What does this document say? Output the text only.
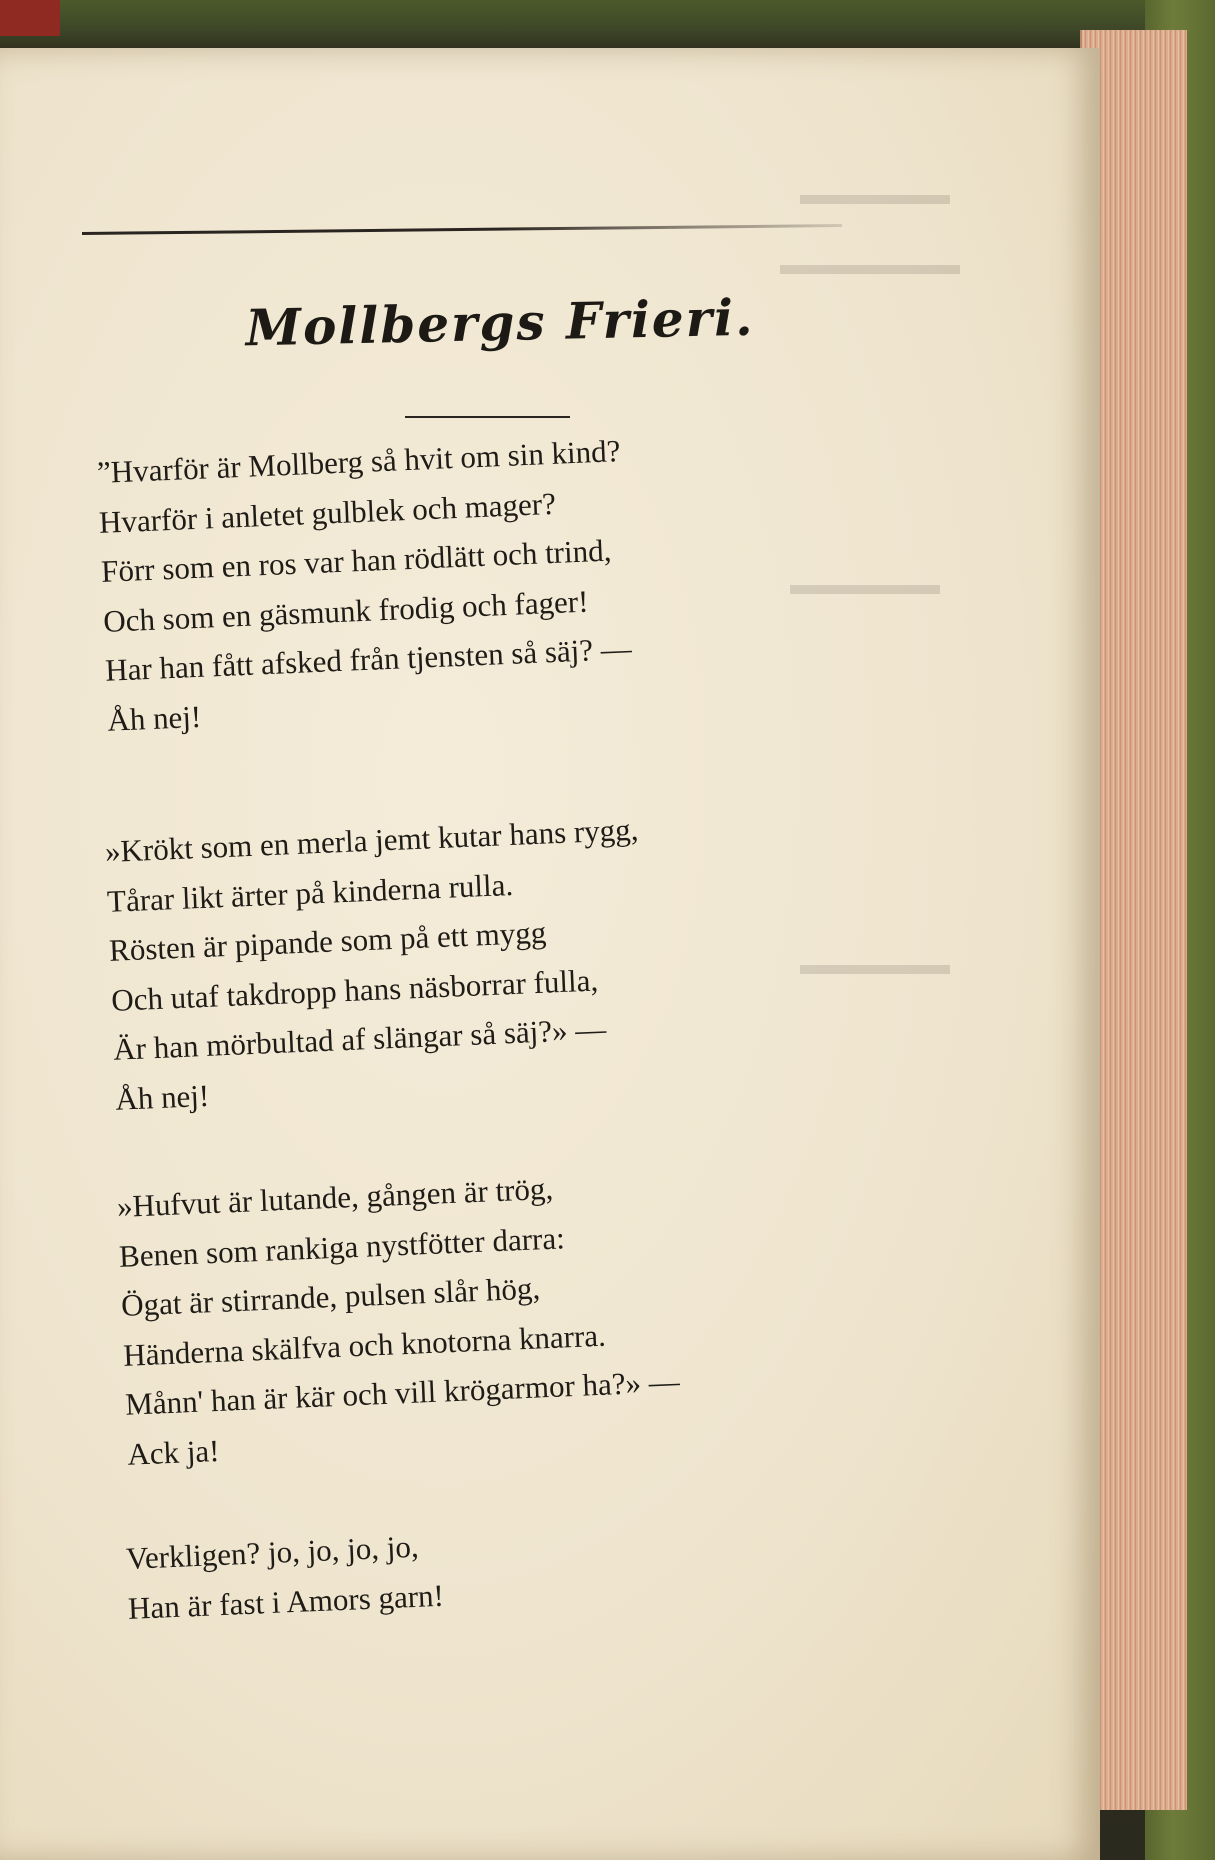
▬▬▬▬▬
▬▬▬▬▬▬
▬▬▬▬▬
▬▬▬▬▬
Mollbergs Frieri.
”Hvarför är Mollberg så hvit om sin kind?
Hvarför i anletet gulblek och mager?
Förr som en ros var han rödlätt och trind,
Och som en gäsmunk frodig och fager!
Har han fått afsked från tjensten så säj? —
Åh nej!
»Krökt som en merla jemt kutar hans rygg,
Tårar likt ärter på kinderna rulla.
Rösten är pipande som på ett mygg
Och utaf takdropp hans näsborrar fulla,
Är han mörbultad af slängar så säj?» —
Åh nej!
»Hufvut är lutande, gången är trög,
Benen som rankiga nystfötter darra:
Ögat är stirrande, pulsen slår hög,
Händerna skälfva och knotorna knarra.
Månn' han är kär och vill krögarmor ha?» —
Ack ja!
Verkligen? jo, jo, jo, jo,
Han är fast i Amors garn!
